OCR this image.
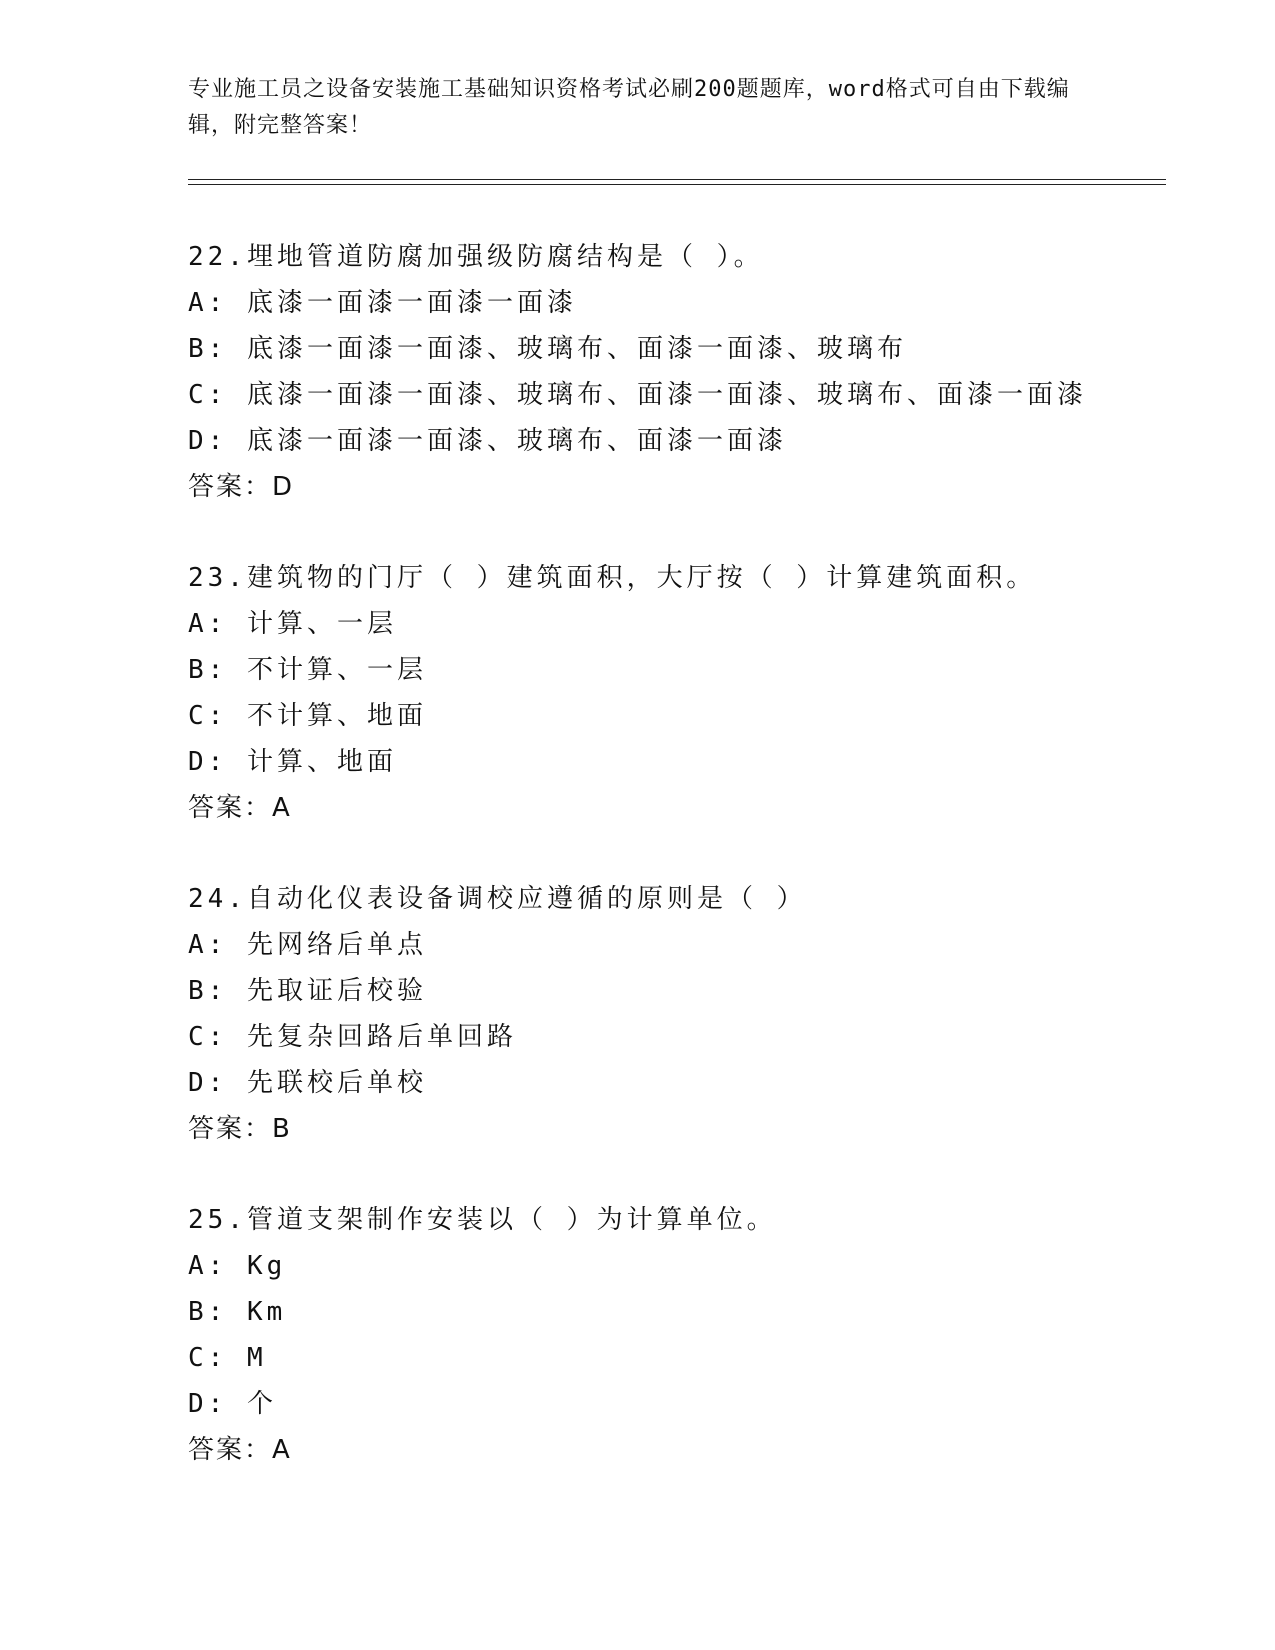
专业施工员之设备安装施工基础知识资格考试必刷200题题库，word格式可自由下载编辑，附完整答案！
22.埋地管道防腐加强级防腐结构是（ ）。
A: 底漆一面漆一面漆一面漆
B: 底漆一面漆一面漆、玻璃布、面漆一面漆、玻璃布
C: 底漆一面漆一面漆、玻璃布、面漆一面漆、玻璃布、面漆一面漆
D: 底漆一面漆一面漆、玻璃布、面漆一面漆
答案：D
23.建筑物的门厅（ ）建筑面积，大厅按（ ）计算建筑面积。
A: 计算、一层
B: 不计算、一层
C: 不计算、地面
D: 计算、地面
答案：A
24.自动化仪表设备调校应遵循的原则是（ ）
A: 先网络后单点
B: 先取证后校验
C: 先复杂回路后单回路
D: 先联校后单校
答案：B
25.管道支架制作安装以（ ）为计算单位。
A: Kg
B: Km
C: M
D: 个
答案：A
